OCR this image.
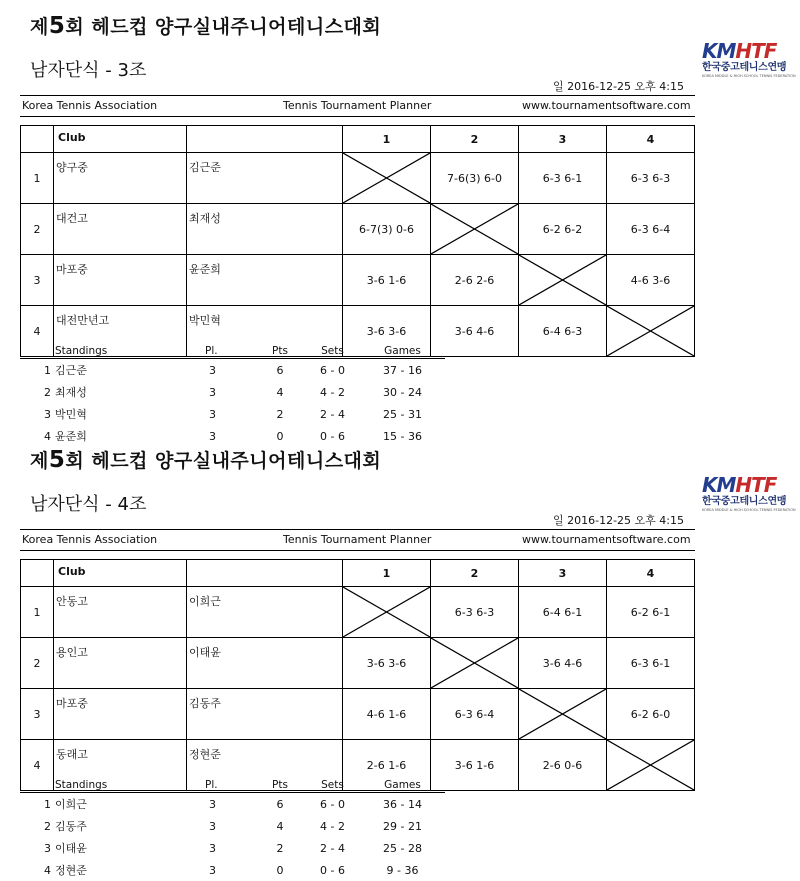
제5회 헤드컵 양구실내주니어테니스대회
남자단식 - 3조
KMHTF
한국중고테니스연맹
KOREA MIDDLE & HIGH SCHOOL TENNIS FEDERATION
일 2016-12-25 오후 4:15
Korea Tennis Association	Tennis Tournament Planner	www.tournamentsoftware.com
	Club		1	2	3	4
1	양구중	김근준		7-6(3) 6-0	6-3 6-1	6-3 6-3
2	대건고	최재성	6-7(3) 0-6		6-2 6-2	6-3 6-4
3	마포중	윤준희	3-6 1-6	2-6 2-6		4-6 3-6
4	대전만년고	박민혁	3-6 3-6	3-6 4-6	6-4 6-3	
Standings		Pl.	Pts	Sets	Games
1	김근준	3	6	6 - 0	37 - 16
2	최재성	3	4	4 - 2	30 - 24
3	박민혁	3	2	2 - 4	25 - 31
4	윤준희	3	0	0 - 6	15 - 36
제5회 헤드컵 양구실내주니어테니스대회
남자단식 - 4조
KMHTF
한국중고테니스연맹
KOREA MIDDLE & HIGH SCHOOL TENNIS FEDERATION
일 2016-12-25 오후 4:15
Korea Tennis Association	Tennis Tournament Planner	www.tournamentsoftware.com
	Club		1	2	3	4
1	안동고	이희근		6-3 6-3	6-4 6-1	6-2 6-1
2	용인고	이태윤	3-6 3-6		3-6 4-6	6-3 6-1
3	마포중	김동주	4-6 1-6	6-3 6-4		6-2 6-0
4	동래고	정현준	2-6 1-6	3-6 1-6	2-6 0-6	
Standings		Pl.	Pts	Sets	Games
1	이희근	3	6	6 - 0	36 - 14
2	김동주	3	4	4 - 2	29 - 21
3	이태윤	3	2	2 - 4	25 - 28
4	정현준	3	0	0 - 6	9 - 36
